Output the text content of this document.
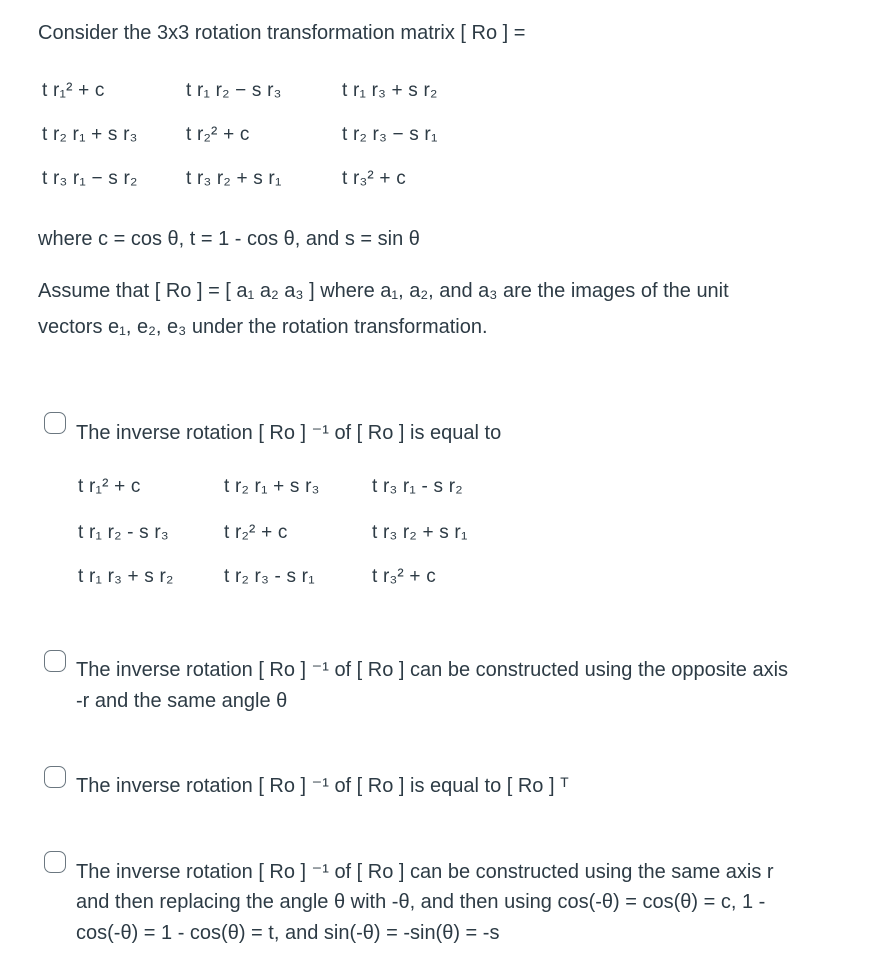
Consider the 3x3 rotation transformation matrix [ Ro ] =
t r₁² + c	t r₁ r₂ − s r₃	t r₁ r₃ + s r₂
t r₂ r₁ + s r₃	t r₂² + c	t r₂ r₃ − s r₁
t r₃ r₁ − s r₂	t r₃ r₂ + s r₁	t r₃² + c
where c = cos θ, t = 1 - cos θ, and s = sin θ
Assume that [ Ro ] = [ a₁ a₂ a₃ ] where a₁, a₂, and a₃ are the images of the unit
vectors e₁, e₂, e₃ under the rotation transformation.
The inverse rotation [ Ro ] ⁻¹ of [ Ro ] is equal to
t r₁² + c	t r₂ r₁ + s r₃	t r₃ r₁ - s r₂
t r₁ r₂ - s r₃	t r₂² + c	t r₃ r₂ + s r₁
t r₁ r₃ + s r₂	t r₂ r₃ - s r₁	t r₃² + c
The inverse rotation [ Ro ] ⁻¹ of [ Ro ] can be constructed using the opposite axis
-r and the same angle θ
The inverse rotation [ Ro ] ⁻¹ of [ Ro ] is equal to [ Ro ] ᵀ
The inverse rotation [ Ro ] ⁻¹ of [ Ro ] can be constructed using the same axis r
and then replacing the angle θ with -θ, and then using cos(-θ) = cos(θ) = c, 1 -
cos(-θ) = 1 - cos(θ) = t, and sin(-θ) = -sin(θ) = -s
